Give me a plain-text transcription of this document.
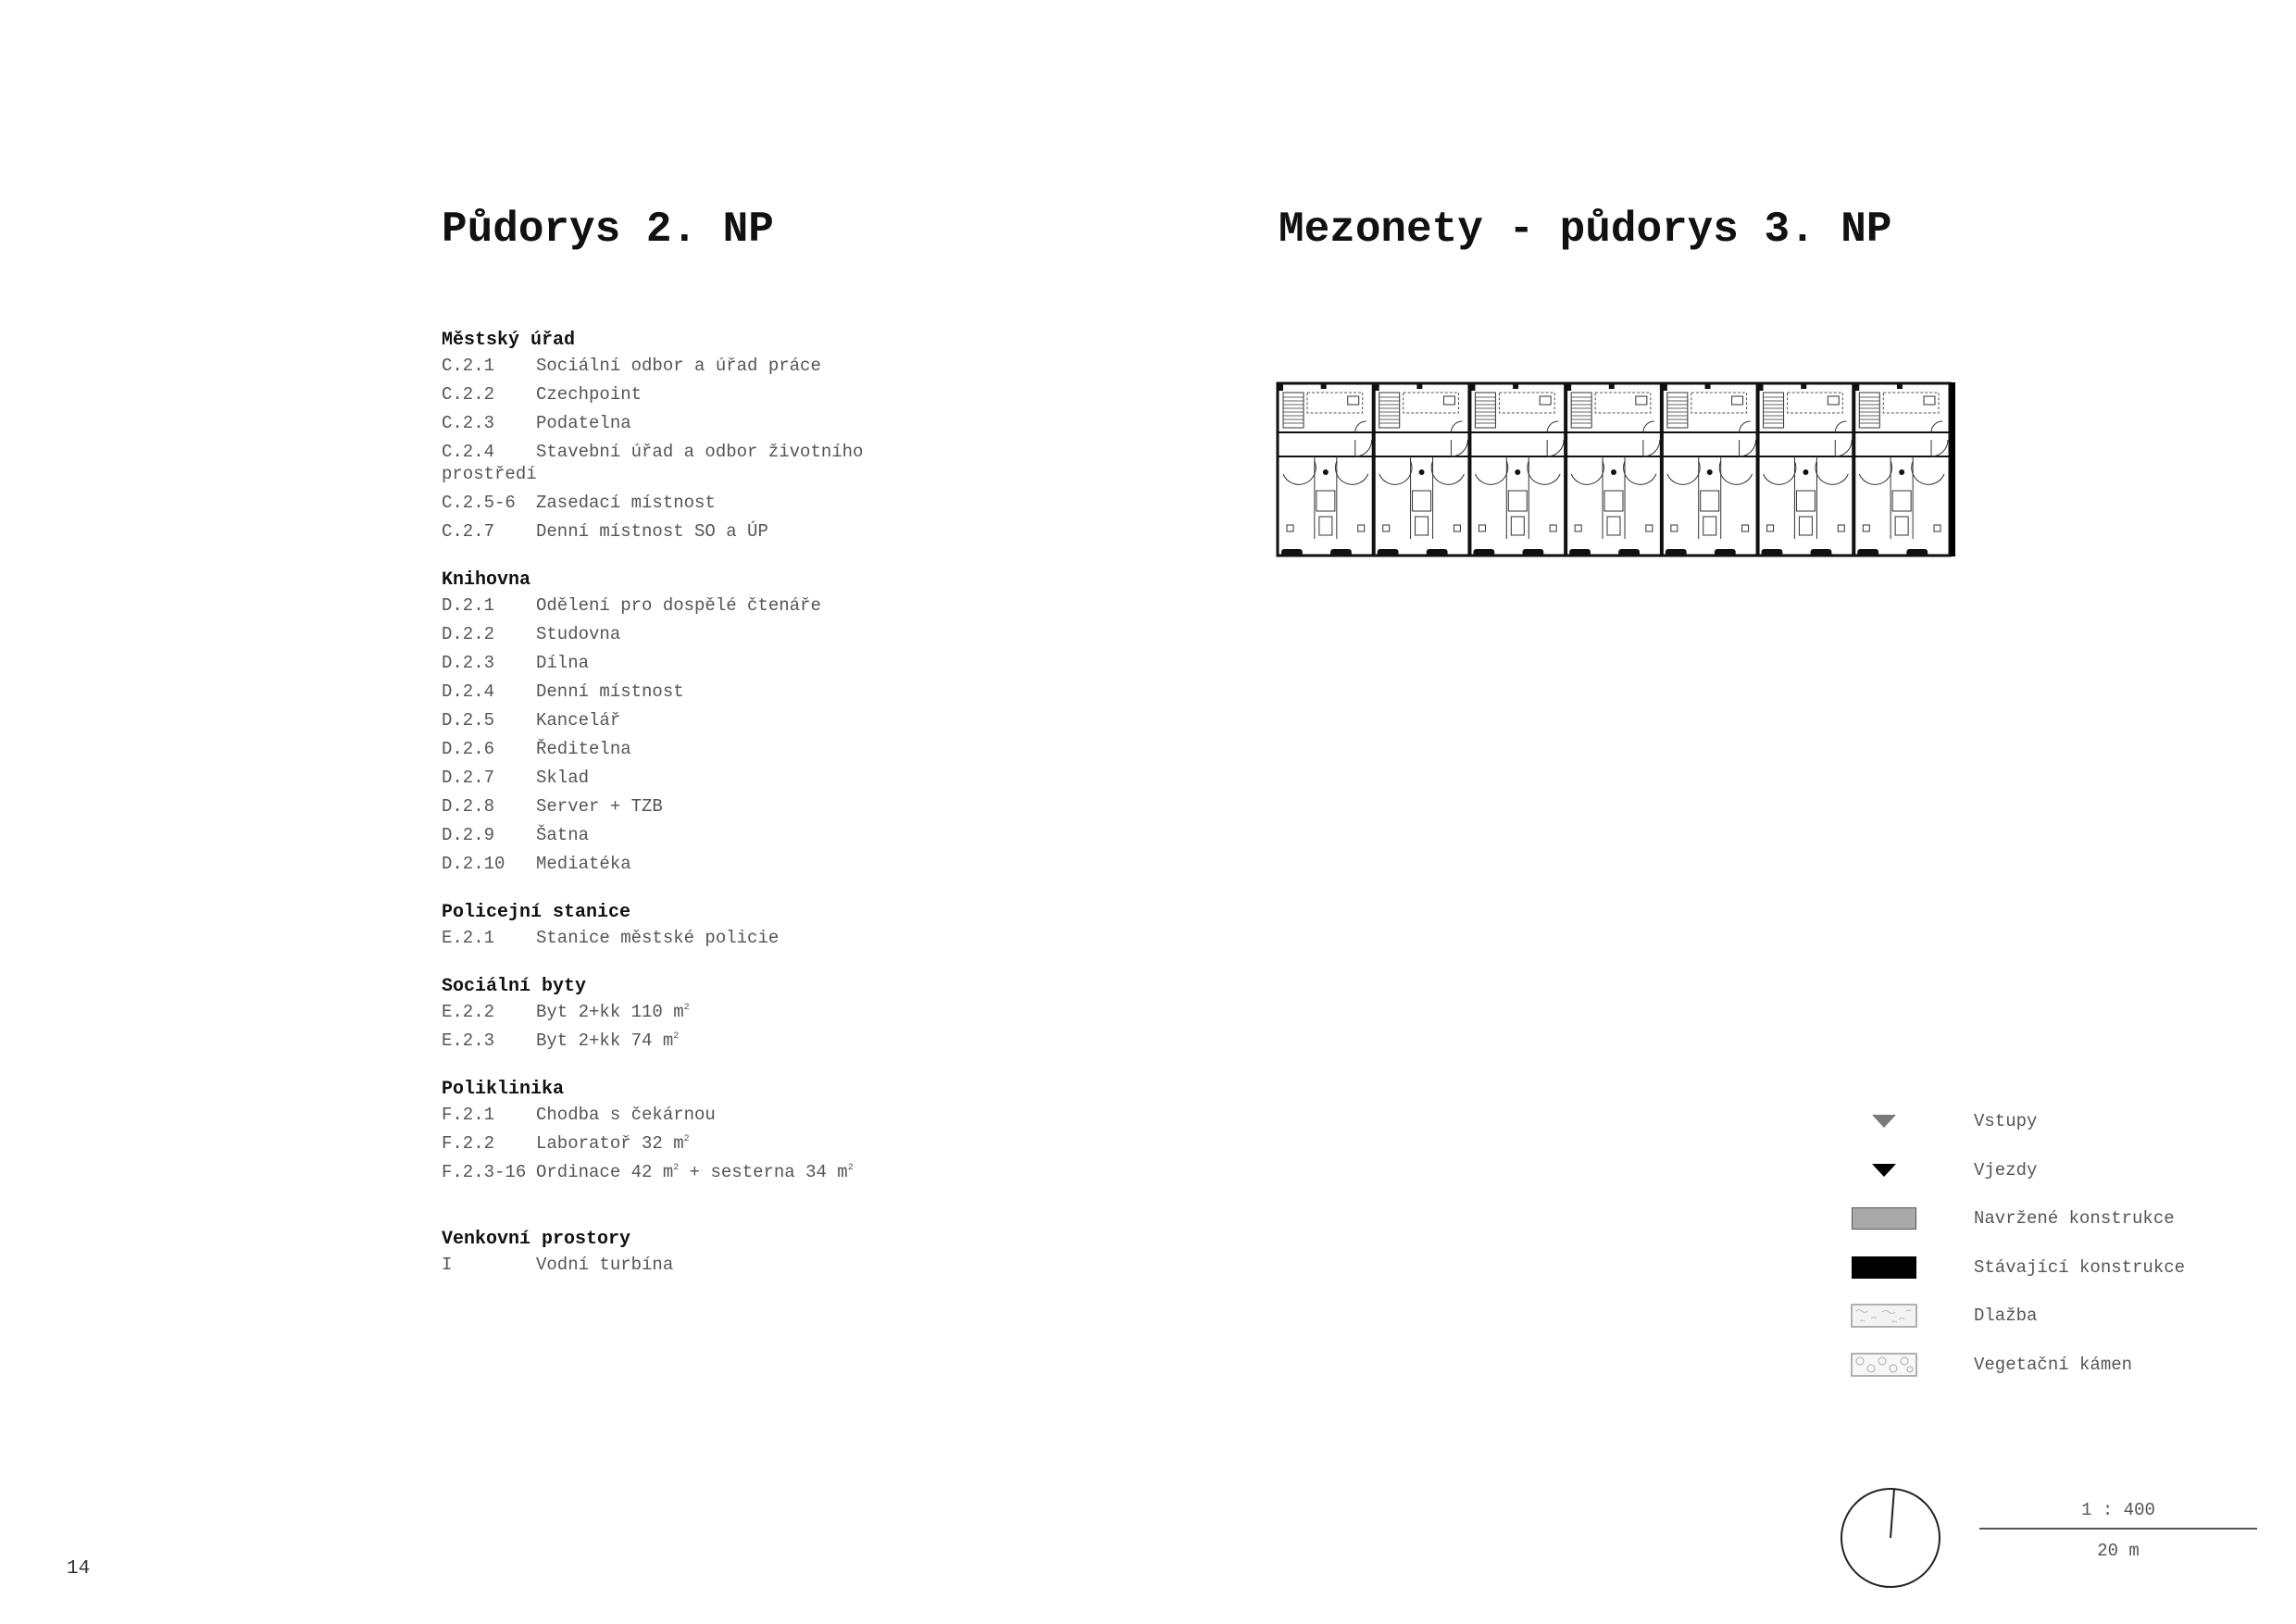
Půdorys 2. NP	Mezonety - půdorys 3. NP
Městský úřad
C.2.1	Sociální odbor a úřad práce
C.2.2	Czechpoint
C.2.3	Podatelna
C.2.4	Stavební úřad a odbor životního
prostředí
C.2.5-6	Zasedací místnost
C.2.7	Denní místnost SO a ÚP
Knihovna
D.2.1	Odělení pro dospělé čtenáře
D.2.2	Studovna
D.2.3	Dílna
D.2.4	Denní místnost
D.2.5	Kancelář
D.2.6	Ředitelna
D.2.7	Sklad
D.2.8	Server + TZB
D.2.9	Šatna
D.2.10	Mediatéka
Policejní stanice
E.2.1	Stanice městské policie
Sociální byty
E.2.2	Byt 2+kk 110 $m^2$
E.2.3	Byt 2+kk 74 $m^2$
Poliklinika
F.2.1	Chodba s čekárnou
F.2.2	Laboratoř 32 $m^2$
F.2.3-16 Ordinace 42 $m^2$ + sesterna 34 $m^2$
Venkovní prostory
I	Vodní turbína
Vstupy
Vjezdy
Navržené konstrukce
Stávající konstrukce
Dlažba
Vegetační kámen
1 : 400
20 m
14
